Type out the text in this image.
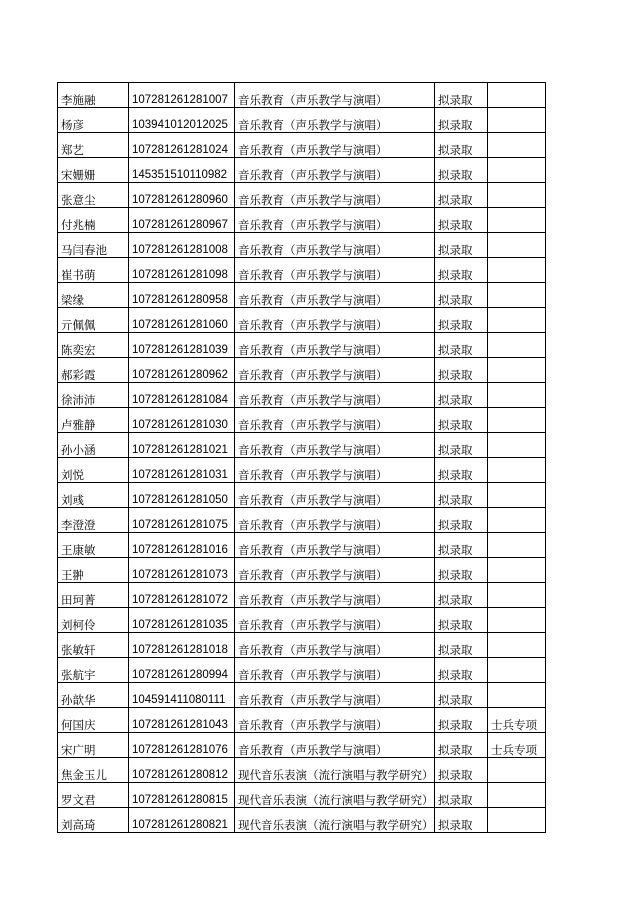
李施融	107281261281007	音乐教育（声乐教学与演唱）	拟录取	
杨彦	103941012012025	音乐教育（声乐教学与演唱）	拟录取	
郑艺	107281261281024	音乐教育（声乐教学与演唱）	拟录取	
宋姗姗	145351510110982	音乐教育（声乐教学与演唱）	拟录取	
张意尘	107281261280960	音乐教育（声乐教学与演唱）	拟录取	
付兆楠	107281261280967	音乐教育（声乐教学与演唱）	拟录取	
马闫春池	107281261281008	音乐教育（声乐教学与演唱）	拟录取	
崔书萌	107281261281098	音乐教育（声乐教学与演唱）	拟录取	
梁缘	107281261280958	音乐教育（声乐教学与演唱）	拟录取	
亓佩佩	107281261281060	音乐教育（声乐教学与演唱）	拟录取	
陈奕宏	107281261281039	音乐教育（声乐教学与演唱）	拟录取	
郝彩霞	107281261280962	音乐教育（声乐教学与演唱）	拟录取	
徐沛沛	107281261281084	音乐教育（声乐教学与演唱）	拟录取	
卢雅静	107281261281030	音乐教育（声乐教学与演唱）	拟录取	
孙小涵	107281261281021	音乐教育（声乐教学与演唱）	拟录取	
刘悦	107281261281031	音乐教育（声乐教学与演唱）	拟录取	
刘彧	107281261281050	音乐教育（声乐教学与演唱）	拟录取	
李澄澄	107281261281075	音乐教育（声乐教学与演唱）	拟录取	
王康敏	107281261281016	音乐教育（声乐教学与演唱）	拟录取	
王翀	107281261281073	音乐教育（声乐教学与演唱）	拟录取	
田珂菁	107281261281072	音乐教育（声乐教学与演唱）	拟录取	
刘柯伶	107281261281035	音乐教育（声乐教学与演唱）	拟录取	
张敏轩	107281261281018	音乐教育（声乐教学与演唱）	拟录取	
张航宇	107281261280994	音乐教育（声乐教学与演唱）	拟录取	
孙歆华	104591411080111	音乐教育（声乐教学与演唱）	拟录取	
何国庆	107281261281043	音乐教育（声乐教学与演唱）	拟录取	士兵专项
宋广明	107281261281076	音乐教育（声乐教学与演唱）	拟录取	士兵专项
焦金玉儿	107281261280812	现代音乐表演（流行演唱与教学研究）	拟录取	
罗文君	107281261280815	现代音乐表演（流行演唱与教学研究）	拟录取	
刘高琦	107281261280821	现代音乐表演（流行演唱与教学研究）	拟录取	
